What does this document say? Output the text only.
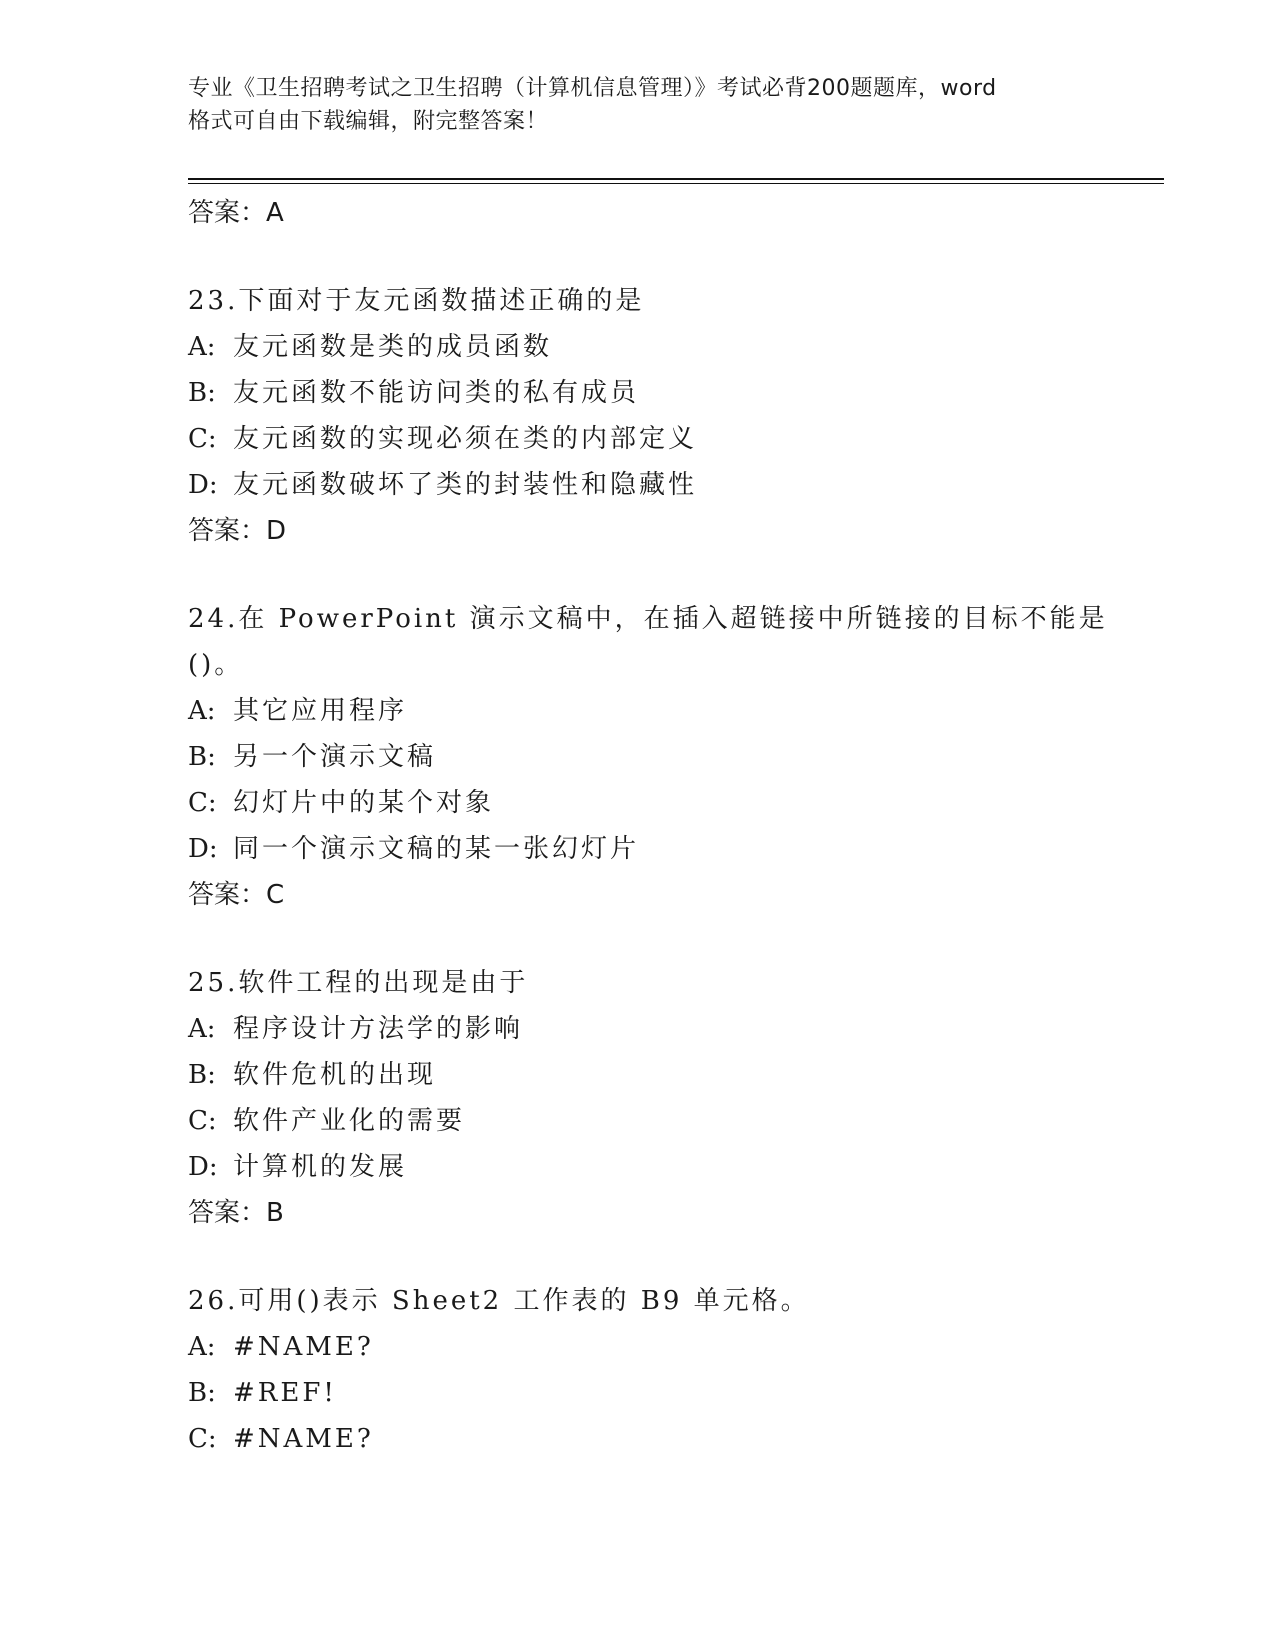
专业《卫生招聘考试之卫生招聘（计算机信息管理）》考试必背200题题库，word
格式可自由下载编辑，附完整答案！
答案：A
23.下面对于友元函数描述正确的是
A: 友元函数是类的成员函数
B: 友元函数不能访问类的私有成员
C: 友元函数的实现必须在类的内部定义
D: 友元函数破坏了类的封装性和隐藏性
答案：D
24.在 PowerPoint 演示文稿中，在插入超链接中所链接的目标不能是
()。
A: 其它应用程序
B: 另一个演示文稿
C: 幻灯片中的某个对象
D: 同一个演示文稿的某一张幻灯片
答案：C
25.软件工程的出现是由于
A: 程序设计方法学的影响
B: 软件危机的出现
C: 软件产业化的需要
D: 计算机的发展
答案：B
26.可用()表示 Sheet2 工作表的 B9 单元格。
A: #NAME?
B: #REF!
C: #NAME?
